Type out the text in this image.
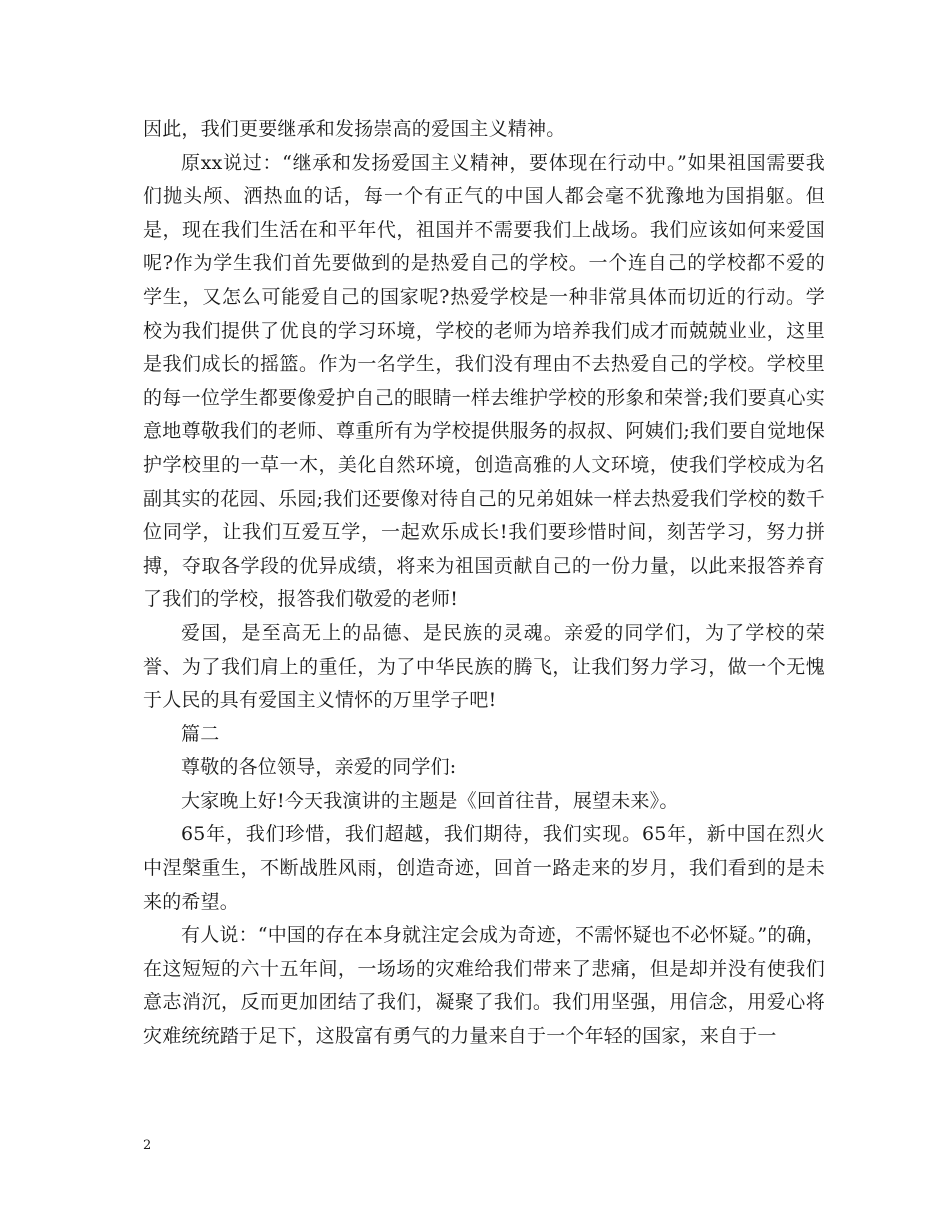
因此，我们更要继承和发扬崇高的爱国主义精神。

原xx说过：“继承和发扬爱国主义精神，要体现在行动中。”如果祖国需要我们抛头颅、洒热血的话，每一个有正气的中国人都会毫不犹豫地为国捐躯。但是，现在我们生活在和平年代，祖国并不需要我们上战场。我们应该如何来爱国呢?作为学生我们首先要做到的是热爱自己的学校。一个连自己的学校都不爱的学生，又怎么可能爱自己的国家呢?热爱学校是一种非常具体而切近的行动。学校为我们提供了优良的学习环境，学校的老师为培养我们成才而兢兢业业，这里是我们成长的摇篮。作为一名学生，我们没有理由不去热爱自己的学校。学校里的每一位学生都要像爱护自己的眼睛一样去维护学校的形象和荣誉;我们要真心实意地尊敬我们的老师、尊重所有为学校提供服务的叔叔、阿姨们;我们要自觉地保护学校里的一草一木，美化自然环境，创造高雅的人文环境，使我们学校成为名副其实的花园、乐园;我们还要像对待自己的兄弟姐妹一样去热爱我们学校的数千位同学，让我们互爱互学，一起欢乐成长!我们要珍惜时间，刻苦学习，努力拼搏，夺取各学段的优异成绩，将来为祖国贡献自己的一份力量，以此来报答养育了我们的学校，报答我们敬爱的老师!

爱国，是至高无上的品德、是民族的灵魂。亲爱的同学们，为了学校的荣誉、为了我们肩上的重任，为了中华民族的腾飞，让我们努力学习，做一个无愧于人民的具有爱国主义情怀的万里学子吧!

篇二

尊敬的各位领导，亲爱的同学们:

大家晚上好!今天我演讲的主题是《回首往昔，展望未来》。

65年，我们珍惜，我们超越，我们期待，我们实现。65年，新中国在烈火中涅槃重生，不断战胜风雨，创造奇迹，回首一路走来的岁月，我们看到的是未来的希望。

有人说：“中国的存在本身就注定会成为奇迹，不需怀疑也不必怀疑。”的确，在这短短的六十五年间，一场场的灾难给我们带来了悲痛，但是却并没有使我们意志消沉，反而更加团结了我们，凝聚了我们。我们用坚强，用信念，用爱心将灾难统统踏于足下，这股富有勇气的力量来自于一个年轻的国家，来自于一

2
